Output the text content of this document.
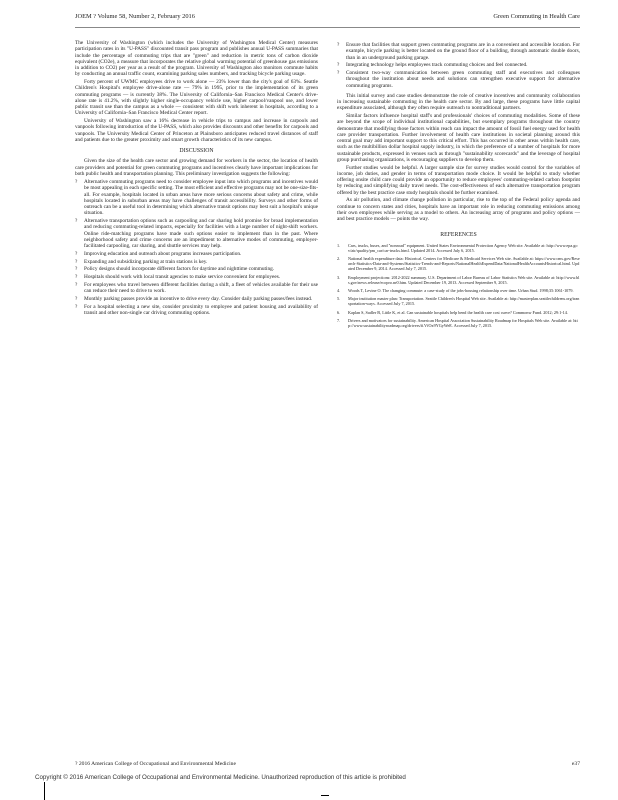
JOEM ? Volume 58, Number 2, February 2016	Green Commuting in Health Care

The University of Washington (which includes the University of Washington Medical Center) measures participation rates in its "U-PASS" discounted transit pass program and publishes annual U-PASS summaries that include the percentage of commuting trips that are "green" and reduction in metric tons of carbon dioxide equivalent (CO2e), a measure that incorporates the relative global warming potential of greenhouse gas emissions in addition to CO2) per year as a result of the program. University of Washington also monitors commute habits by conducting an annual traffic count, examining parking sales numbers, and tracking bicycle parking usage.

Forty percent of UWMC employees drive to work alone — 23% lower than the city's goal of 63%. Seattle Children's Hospital's employee drive-alone rate — 79% in 1995, prior to the implementation of its green commuting programs — is currently 38%. The University of California–San Francisco Medical Center's drive-alone rate is 41.2%, with slightly higher single-occupancy vehicle use, higher carpool/vanpool use, and lower public transit use than the campus as a whole — consistent with shift work inherent in hospitals, according to a University of California–San Francisco Medical Center report.

University of Washington saw a 16% decrease in vehicle trips to campus and increase in carpools and vanpools following introduction of the U-PASS, which also provides discounts and other benefits for carpools and vanpools. The University Medical Center of Princeton at Plainsboro anticipates reduced travel distances of staff and patients due to the greater proximity and smart growth characteristics of its new campus.

DISCUSSION

Given the size of the health care sector and growing demand for workers in the sector, the location of health care providers and potential for green commuting programs and incentives clearly have important implications for both public health and transportation planning. This preliminary investigation suggests the following:

? Alternative commuting programs need to consider employee input into which programs and incentives would be most appealing in each specific setting. The most efficient and effective programs may not be one-size-fits-all. For example, hospitals located in urban areas have more serious concerns about safety and crime, while hospitals located in suburban areas may have challenges of transit accessibility. Surveys and other forms of outreach can be a useful tool in determining which alternative transit options may best suit a hospital's unique situation.
? Alternative transportation options such as carpooling and car sharing hold promise for broad implementation and reducing commuting-related impacts, especially for facilities with a large number of night-shift workers. Online ride-matching programs have made such options easier to implement than in the past. Where neighborhood safety and crime concerns are an impediment to alternative modes of commuting, employer-facilitated carpooling, car sharing, and shuttle services may help.
? Improving education and outreach about programs increases participation.
? Expanding and subsidizing parking at train stations is key.
? Policy designs should incorporate different factors for daytime and nighttime commuting.
? Hospitals should work with local transit agencies to make service convenient for employees.
? For employees who travel between different facilities during a shift, a fleet of vehicles available for their use can reduce their need to drive to work.
? Monthly parking passes provide an incentive to drive every day. Consider daily parking passes/fees instead.
? For a hospital selecting a new site, consider proximity to employee and patient housing and availability of transit and other non-single car driving commuting options.
? Ensure that facilities that support green commuting programs are in a convenient and accessible location. For example, bicycle parking is better located on the ground floor of a building, through automatic double doors, than in an underground parking garage.
? Integrating technology helps employees track commuting choices and feel connected.
? Consistent two-way communication between green commuting staff and executives and colleagues throughout the institution about needs and solutions can strengthen executive support for alternative commuting programs.

This initial survey and case studies demonstrate the role of creative incentives and community collaboration in increasing sustainable commuting in the health care sector. By and large, these programs have little capital expenditure associated, although they often require outreach to nontraditional partners.

Similar factors influence hospital staff's and professionals' choices of commuting modalities. Some of these are beyond the scope of individual institutional capabilities, but exemplary programs throughout the country demonstrate that modifying those factors within reach can impact the amount of fossil fuel energy used for health care provider transportation. Further involvement of health care institutions in societal planning around this central goal may add important support to this critical effort. This has occurred in other areas within health care, such as the multibillion dollar hospital supply industry, in which the preference of a number of hospitals for more sustainable products, expressed in venues such as through "sustainability scorecards" and the leverage of hospital group purchasing organizations, is encouraging suppliers to develop them.

Further studies would be helpful. A larger sample size for survey studies would control for the variables of income, job duties, and gender in terms of transportation mode choice. It would be helpful to study whether offering onsite child care could provide an opportunity to reduce employees' commuting-related carbon footprint by reducing and simplifying daily travel needs. The cost-effectiveness of each alternative transportation program offered by the best practice case study hospitals should be further examined.

As air pollution, and climate change pollution in particular, rise to the top of the Federal policy agenda and continue to concern states and cities, hospitals have an important role in reducing commuting emissions among their own employees while serving as a model to others. An increasing array of programs and policy options — and best practice models — points the way.

REFERENCES
1. Cars, trucks, buses, and "nonroad" equipment. United States Environmental Protection Agency Web site. Available at: http://www.epa.gov/air/quality/pm_car/car-trucks.html. Updated 2014. Accessed July 6, 2015.
2. National health expenditure data: Historical. Centers for Medicare & Medicaid Services Web site. Available at: https://www.cms.gov/Research-Statistics-Data-and-Systems/Statistics-Trends-and-Reports/NationalHealthExpendData/NationalHealthAccountsHistorical.html. Updated December 9, 2014. Accessed July 7, 2015.
3. Employment projections: 2012-2022 summary. U.S. Department of Labor Bureau of Labor Statistics Web site. Available at: http://www.bls.gov/news.release/ecopro.nr0.htm. Updated December 19, 2013. Accessed September 9, 2015.
4. Woods T, Levine O. The changing commute: a case-study of the jobs-housing relationship over time. Urban Stud. 1998;35:1061-1079.
5. Major institution master plan: Transportation. Seattle Children's Hospital Web site. Available at: http://masterplan.seattlechildrens.org/transportation-ways. Accessed July 7, 2015.
6. Kaplan S, Sadler B, Little K, et al. Can sustainable hospitals help bend the health care cost curve? Commonw Fund. 2012; 29:1-14.
7. Drivers and motivators for sustainability. American Hospital Association Sustainability Roadmap for Hospitals Web site. Available at: http://www.sustainabilityroadmap.org/drivers/#.VfOx9YGyWeE. Accessed July 7, 2015.
? 2016 American College of Occupational and Environmental Medicine	e37
Copyright © 2016 American College of Occupational and Environmental Medicine. Unauthorized reproduction of this article is prohibited
